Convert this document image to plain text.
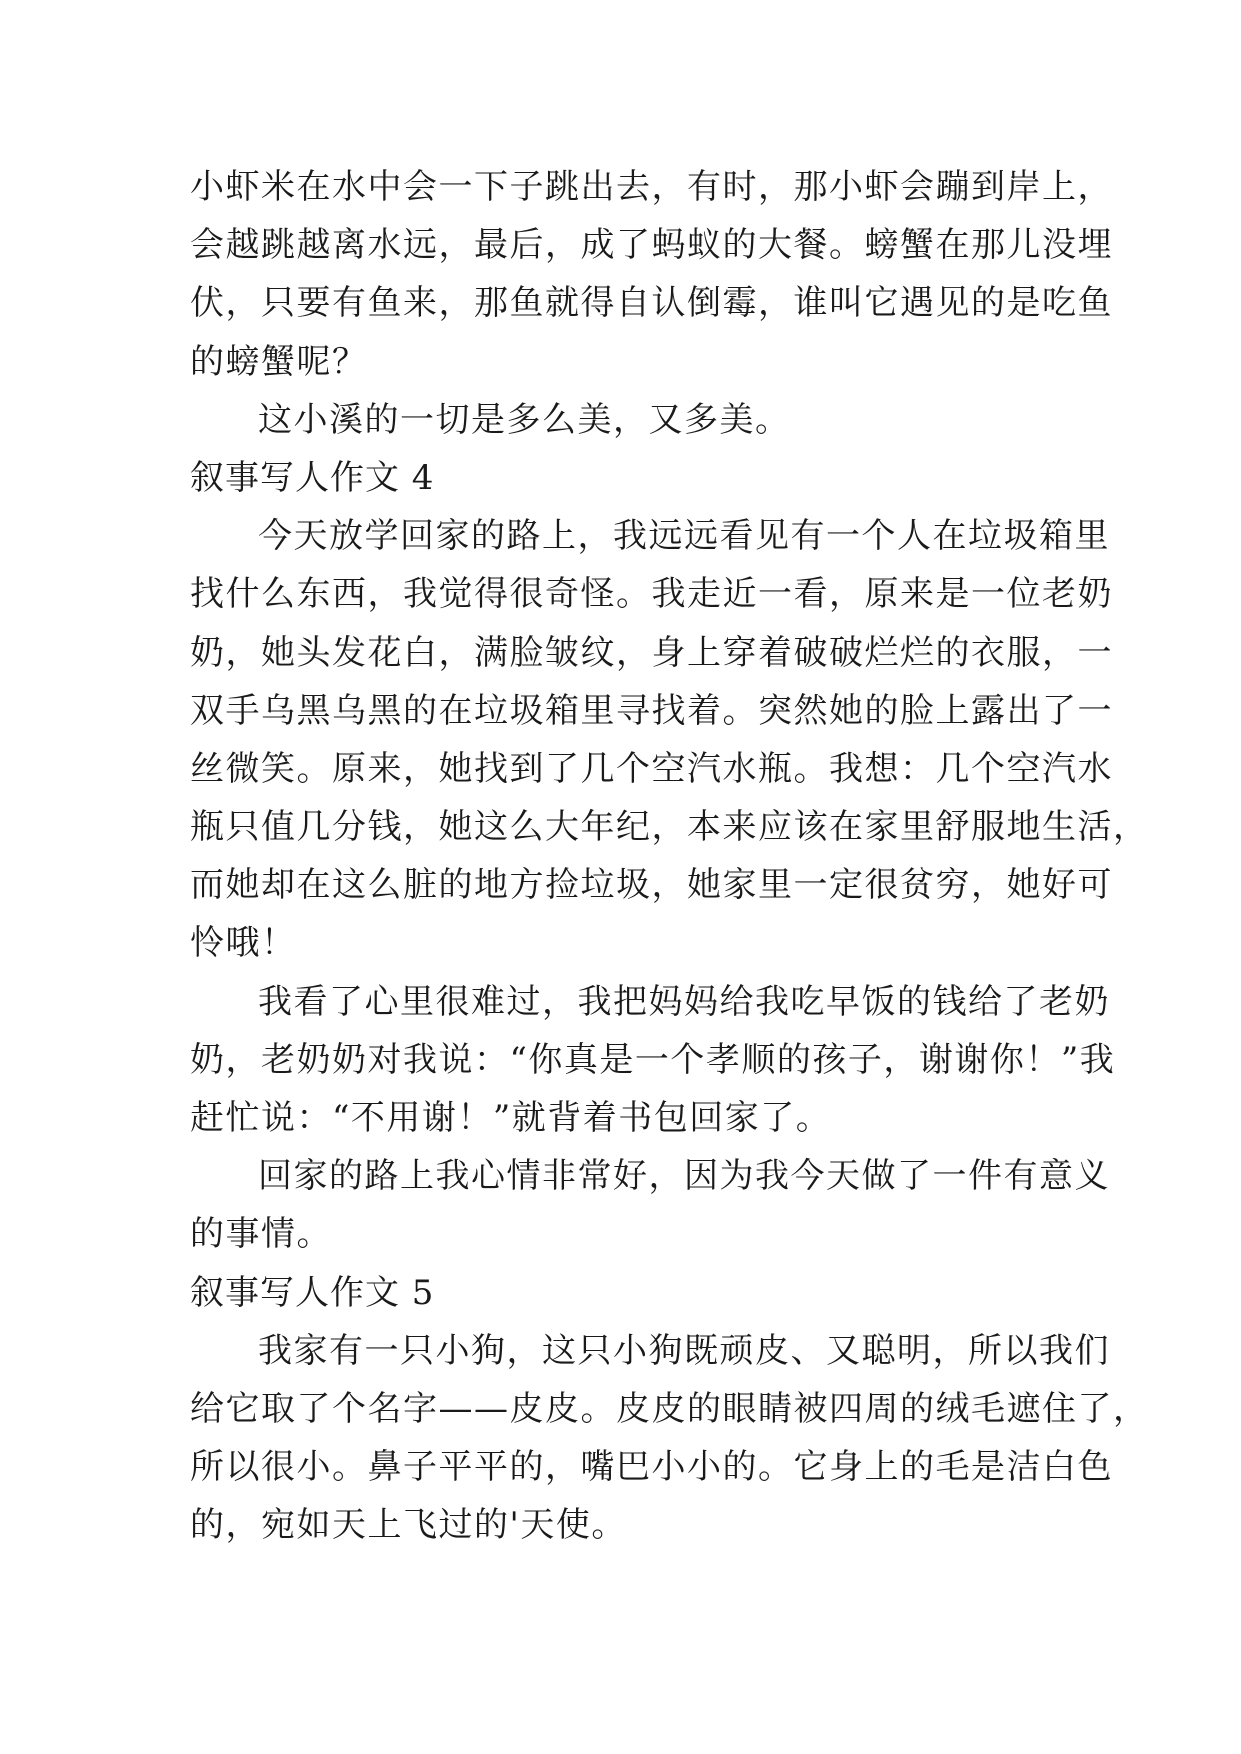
小虾米在水中会一下子跳出去，有时，那小虾会蹦到岸上，
会越跳越离水远，最后，成了蚂蚁的大餐。螃蟹在那儿没埋
伏，只要有鱼来，那鱼就得自认倒霉，谁叫它遇见的是吃鱼
的螃蟹呢？
这小溪的一切是多么美，又多美。
叙事写人作文 4
今天放学回家的路上，我远远看见有一个人在垃圾箱里
找什么东西，我觉得很奇怪。我走近一看，原来是一位老奶
奶，她头发花白，满脸皱纹，身上穿着破破烂烂的衣服，一
双手乌黑乌黑的在垃圾箱里寻找着。突然她的脸上露出了一
丝微笑。原来，她找到了几个空汽水瓶。我想：几个空汽水
瓶只值几分钱，她这么大年纪，本来应该在家里舒服地生活，
而她却在这么脏的地方捡垃圾，她家里一定很贫穷，她好可
怜哦！
我看了心里很难过，我把妈妈给我吃早饭的钱给了老奶
奶，老奶奶对我说：“你真是一个孝顺的孩子，谢谢你！”我
赶忙说：“不用谢！”就背着书包回家了。
回家的路上我心情非常好，因为我今天做了一件有意义
的事情。
叙事写人作文 5
我家有一只小狗，这只小狗既顽皮、又聪明，所以我们
给它取了个名字——皮皮。皮皮的眼睛被四周的绒毛遮住了，
所以很小。鼻子平平的，嘴巴小小的。它身上的毛是洁白色
的，宛如天上飞过的'天使。
